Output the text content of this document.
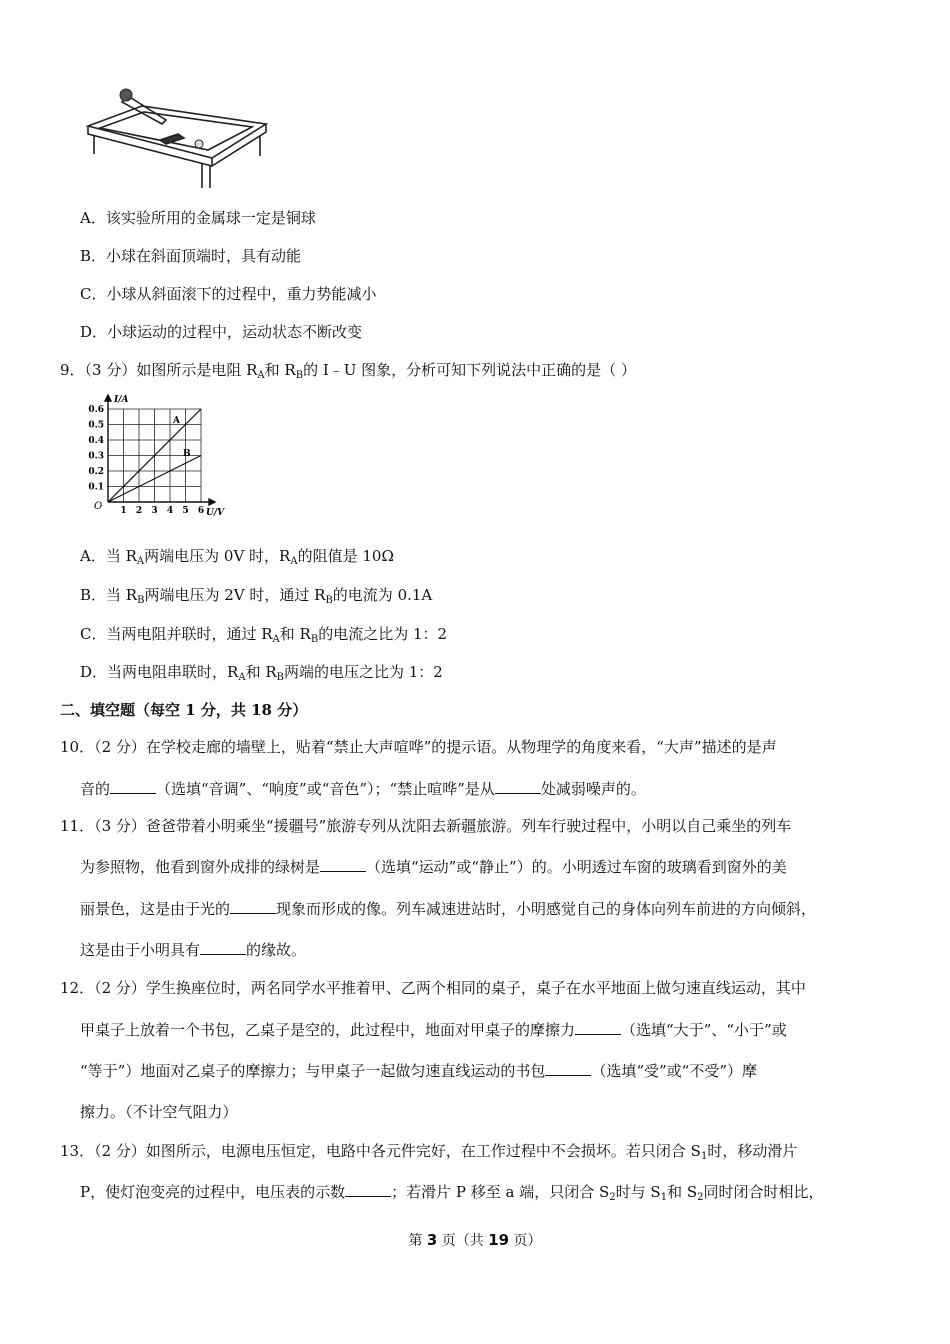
A．该实验所用的金属球一定是铜球
B．小球在斜面顶端时，具有动能
C．小球从斜面滚下的过程中，重力势能减小
D．小球运动的过程中，运动状态不断改变
9．（3 分）如图所示是电阻 $R_A$和 $R_B$的 I﹣U 图象，分析可知下列说法中正确的是（ ）
0.6
0.5
0.4
0.3
0.2
0.1
1 2 3 4 5 6
I/A
U/V
O
A
B
A．当 $R_A$两端电压为 0V 时，$R_A$的阻值是 10Ω
B．当 $R_B$两端电压为 2V 时，通过 $R_B$的电流为 0.1A
C．当两电阻并联时，通过 $R_A$和 $R_B$的电流之比为 1：2
D．当两电阻串联时，$R_A$和 $R_B$两端的电压之比为 1：2
二、填空题（每空 1 分，共 18 分）
10．（2 分）在学校走廊的墙壁上，贴着“禁止大声喧哗”的提示语。从物理学的角度来看，“大声”描述的是声
音的	（选填“音调”、“响度”或“音色”）；“禁止喧哗”是从	处减弱噪声的。
11．（3 分）爸爸带着小明乘坐“援疆号”旅游专列从沈阳去新疆旅游。列车行驶过程中，小明以自己乘坐的列车
为参照物，他看到窗外成排的绿树是	（选填“运动”或“静止”）的。小明透过车窗的玻璃看到窗外的美
丽景色，这是由于光的	现象而形成的像。列车减速进站时，小明感觉自己的身体向列车前进的方向倾斜，
这是由于小明具有	的缘故。
12．（2 分）学生换座位时，两名同学水平推着甲、乙两个相同的桌子，桌子在水平地面上做匀速直线运动，其中
甲桌子上放着一个书包，乙桌子是空的，此过程中，地面对甲桌子的摩擦力	（选填“大于”、“小于”或
“等于”）地面对乙桌子的摩擦力；与甲桌子一起做匀速直线运动的书包	（选填“受”或“不受”）摩
擦力。（不计空气阻力）
13．（2 分）如图所示，电源电压恒定，电路中各元件完好，在工作过程中不会损坏。若只闭合 $S_1$时，移动滑片
P，使灯泡变亮的过程中，电压表的示数	；若滑片 P 移至 a 端，只闭合 $S_2$时与 $S_1$和 $S_2$同时闭合时相比，
第 3 页（共 19 页）
